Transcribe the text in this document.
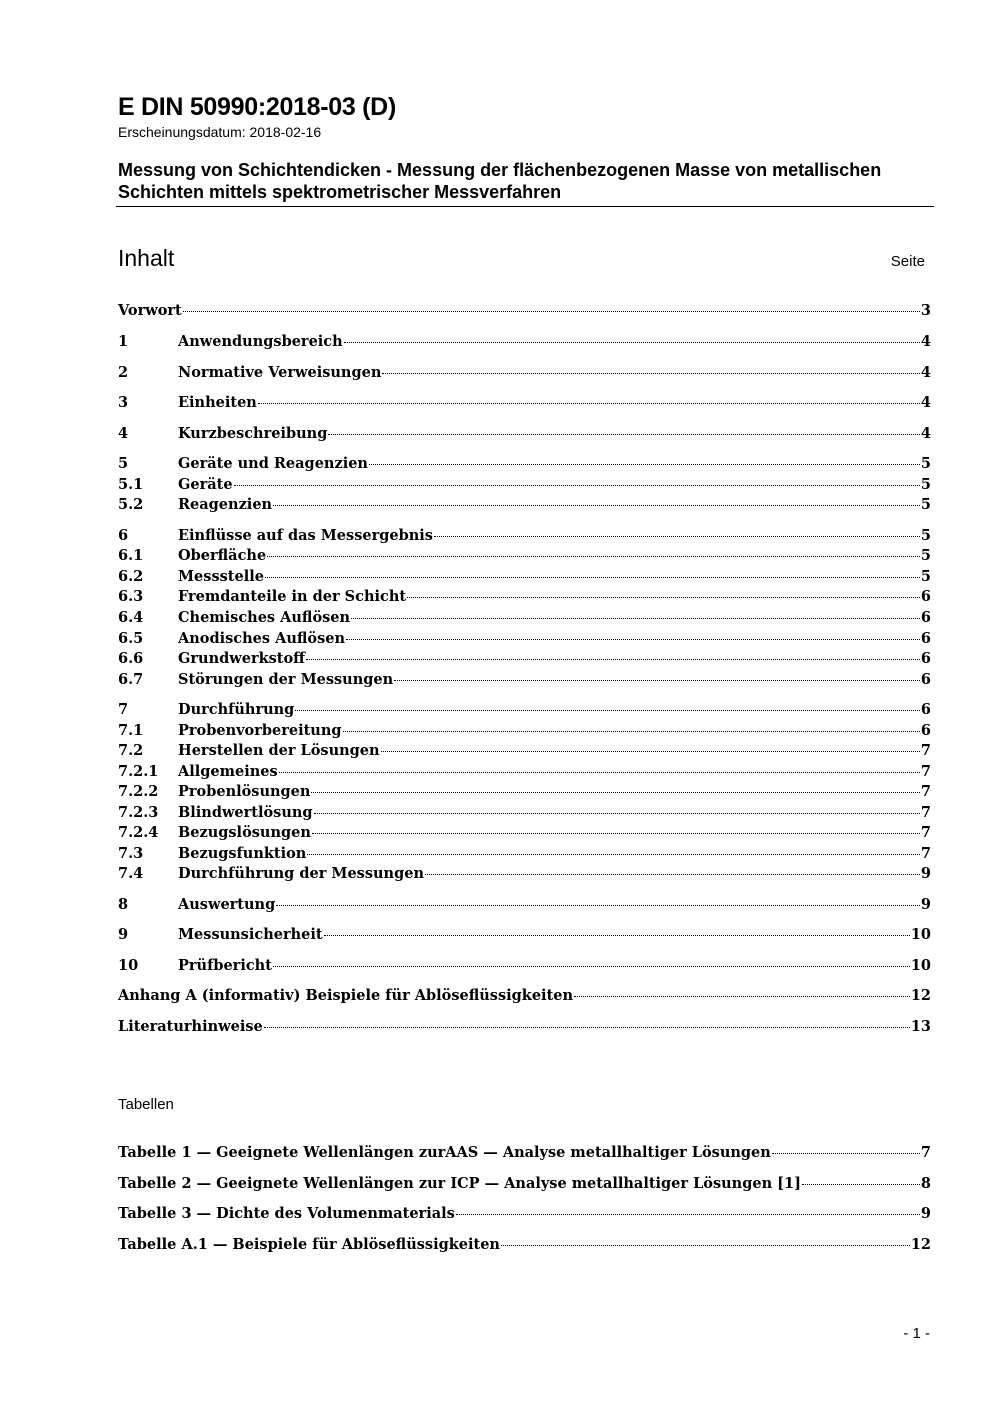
E DIN 50990:2018-03 (D)
Erscheinungsdatum: 2018-02-16
Messung von Schichtendicken - Messung der flächenbezogenen Masse von metallischen Schichten mittels spektrometrischer Messverfahren
Inhalt	Seite
Vorwort	3
1	Anwendungsbereich	4
2	Normative Verweisungen	4
3	Einheiten	4
4	Kurzbeschreibung	4
5	Geräte und Reagenzien	5
5.1	Geräte	5
5.2	Reagenzien	5
6	Einflüsse auf das Messergebnis	5
6.1	Oberfläche	5
6.2	Messstelle	5
6.3	Fremdanteile in der Schicht	6
6.4	Chemisches Auflösen	6
6.5	Anodisches Auflösen	6
6.6	Grundwerkstoff	6
6.7	Störungen der Messungen	6
7	Durchführung	6
7.1	Probenvorbereitung	6
7.2	Herstellen der Lösungen	7
7.2.1	Allgemeines	7
7.2.2	Probenlösungen	7
7.2.3	Blindwertlösung	7
7.2.4	Bezugslösungen	7
7.3	Bezugsfunktion	7
7.4	Durchführung der Messungen	9
8	Auswertung	9
9	Messunsicherheit	10
10	Prüfbericht	10
Anhang A (informativ) Beispiele für Ablöseflüssigkeiten	12
Literaturhinweise	13
Tabellen
Tabelle 1 — Geeignete Wellenlängen zurAAS — Analyse metallhaltiger Lösungen	7
Tabelle 2 — Geeignete Wellenlängen zur ICP — Analyse metallhaltiger Lösungen [1]	8
Tabelle 3 — Dichte des Volumenmaterials	9
Tabelle A.1 — Beispiele für Ablöseflüssigkeiten	12
- 1 -
